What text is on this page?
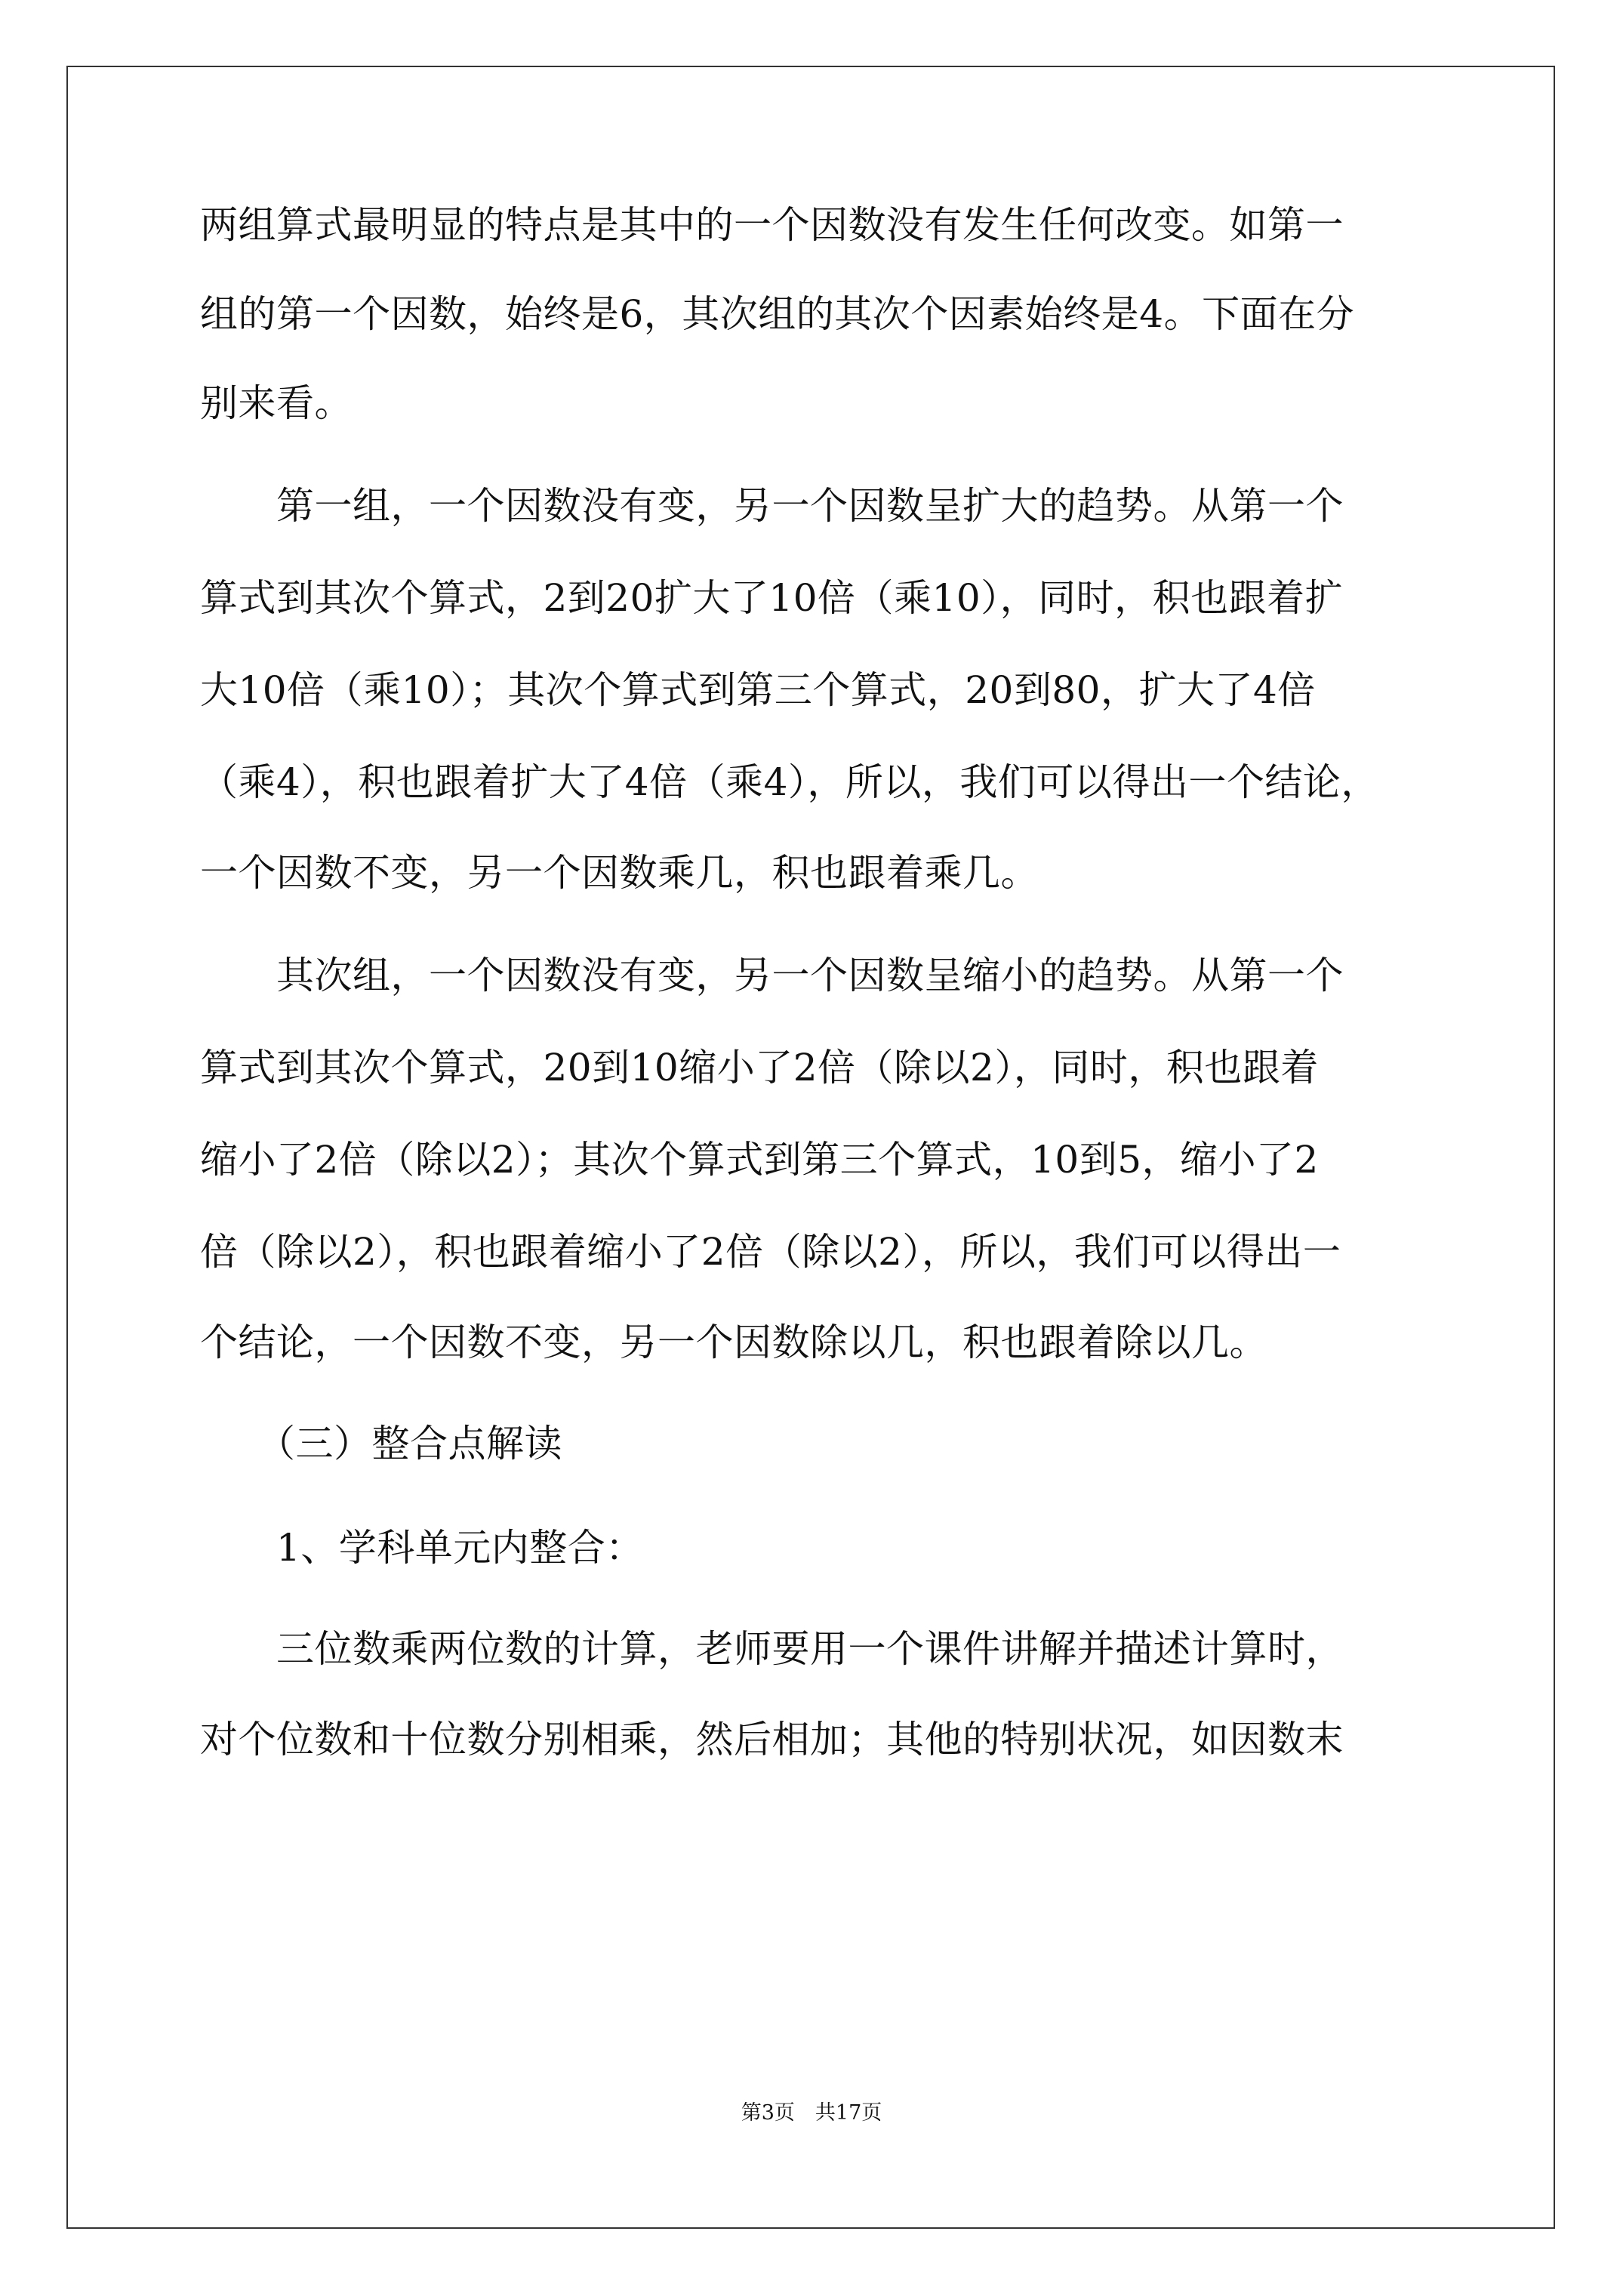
两组算式最明显的特点是其中的一个因数没有发生任何改变。如第一
组的第一个因数，始终是6，其次组的其次个因素始终是4。下面在分
别来看。
　　第一组，一个因数没有变，另一个因数呈扩大的趋势。从第一个
算式到其次个算式，2到20扩大了10倍（乘10），同时，积也跟着扩
大10倍（乘10）；其次个算式到第三个算式，20到80，扩大了4倍
（乘4），积也跟着扩大了4倍（乘4），所以，我们可以得出一个结论，
一个因数不变，另一个因数乘几，积也跟着乘几。
　　其次组，一个因数没有变，另一个因数呈缩小的趋势。从第一个
算式到其次个算式，20到10缩小了2倍（除以2），同时，积也跟着
缩小了2倍（除以2）；其次个算式到第三个算式，10到5，缩小了2
倍（除以2），积也跟着缩小了2倍（除以2），所以，我们可以得出一
个结论，一个因数不变，另一个因数除以几，积也跟着除以几。
　　（三）整合点解读
　　1、学科单元内整合：
　　三位数乘两位数的计算，老师要用一个课件讲解并描述计算时，
对个位数和十位数分别相乘，然后相加；其他的特别状况，如因数末
第3页　共17页
